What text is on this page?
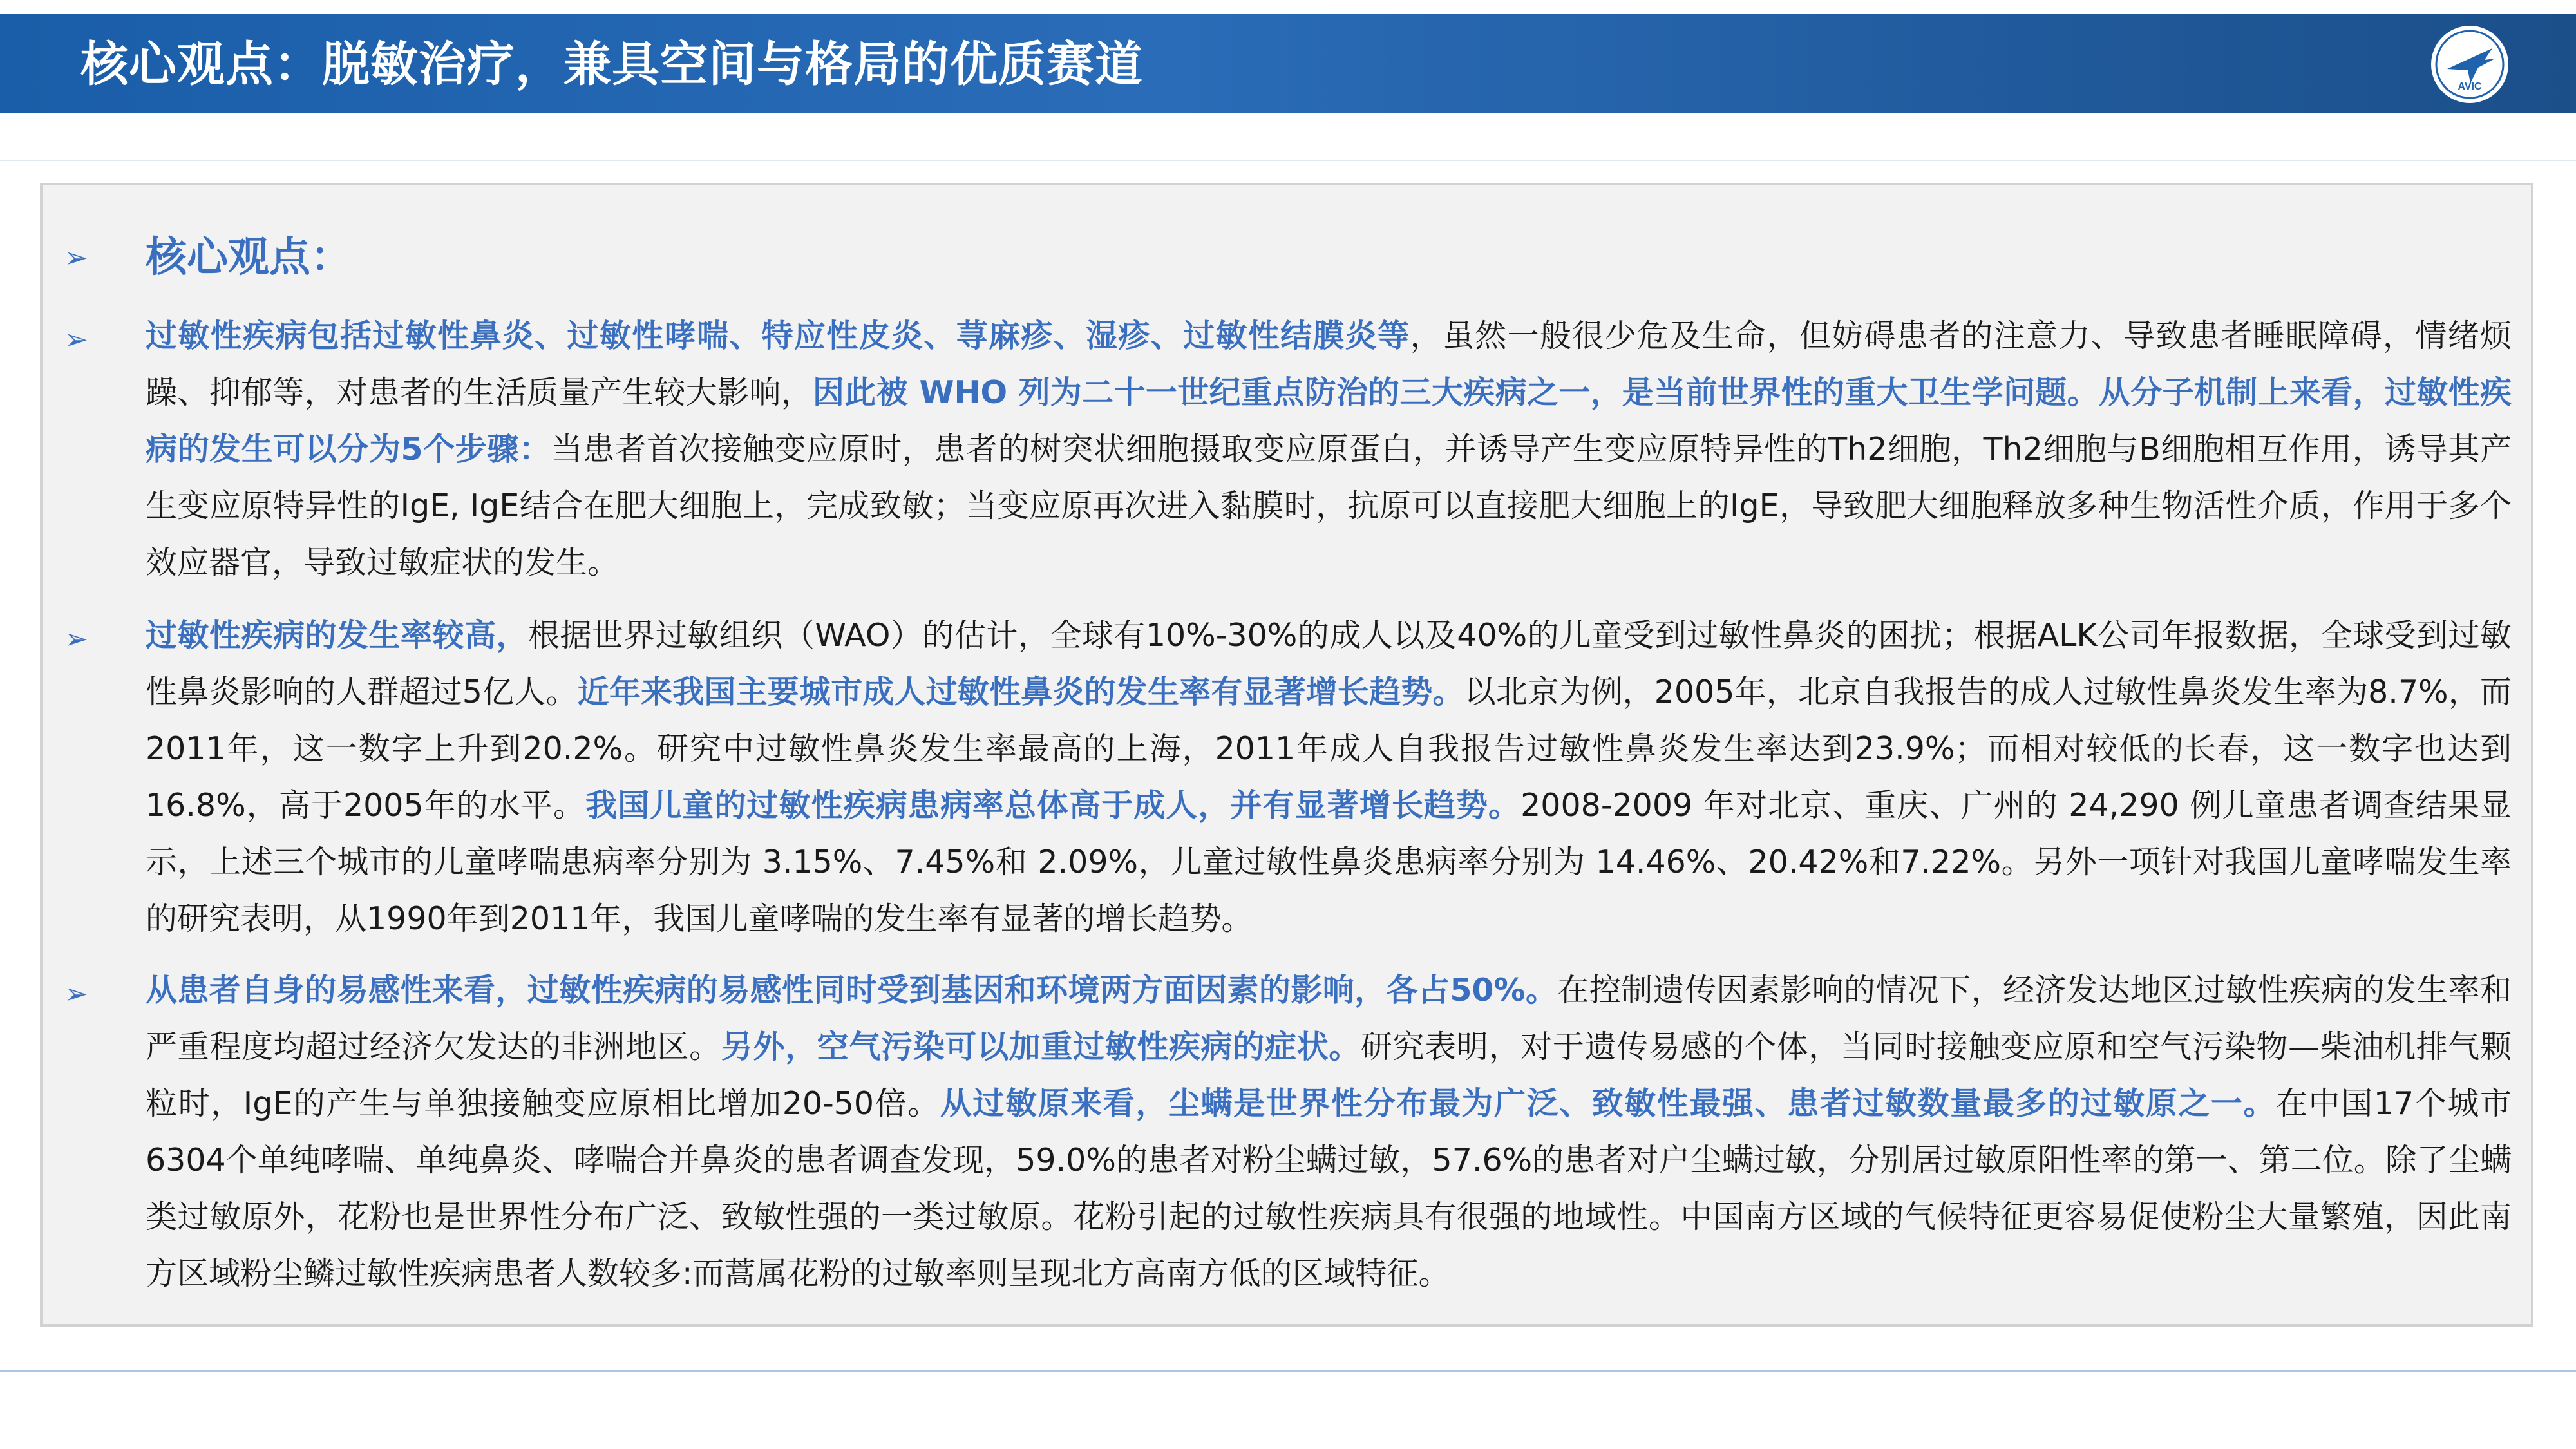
核心观点：脱敏治疗，兼具空间与格局的优质赛道	AVIC
➢	核心观点：
➢ 过敏性疾病包括过敏性鼻炎、过敏性哮喘、特应性皮炎、荨麻疹、湿疹、过敏性结膜炎等，虽然一般很少危及生命，但妨碍患者的注意力、导致患者睡眠障碍，情绪烦躁、抑郁等，对患者的生活质量产生较大影响，因此被 WHO 列为二十一世纪重点防治的三大疾病之一，是当前世界性的重大卫生学问题。从分子机制上来看，过敏性疾病的发生可以分为5个步骤：当患者首次接触变应原时，患者的树突状细胞摄取变应原蛋白，并诱导产生变应原特异性的Th2细胞，Th2细胞与B细胞相互作用，诱导其产生变应原特异性的IgE, IgE结合在肥大细胞上，完成致敏；当变应原再次进入黏膜时，抗原可以直接肥大细胞上的IgE，导致肥大细胞释放多种生物活性介质，作用于多个效应器官，导致过敏症状的发生。
➢ 过敏性疾病的发生率较高，根据世界过敏组织（WAO）的估计，全球有10%-30%的成人以及40%的儿童受到过敏性鼻炎的困扰；根据ALK公司年报数据，全球受到过敏性鼻炎影响的人群超过5亿人。近年来我国主要城市成人过敏性鼻炎的发生率有显著增长趋势。以北京为例，2005年，北京自我报告的成人过敏性鼻炎发生率为8.7%，而2011年，这一数字上升到20.2%。研究中过敏性鼻炎发生率最高的上海，2011年成人自我报告过敏性鼻炎发生率达到23.9%；而相对较低的长春，这一数字也达到16.8%，高于2005年的水平。我国儿童的过敏性疾病患病率总体高于成人，并有显著增长趋势。2008-2009 年对北京、重庆、广州的 24,290 例儿童患者调查结果显示，上述三个城市的儿童哮喘患病率分别为 3.15%、7.45%和 2.09%，儿童过敏性鼻炎患病率分别为 14.46%、20.42%和7.22%。另外一项针对我国儿童哮喘发生率的研究表明，从1990年到2011年，我国儿童哮喘的发生率有显著的增长趋势。
➢ 从患者自身的易感性来看，过敏性疾病的易感性同时受到基因和环境两方面因素的影响，各占50%。在控制遗传因素影响的情况下，经济发达地区过敏性疾病的发生率和严重程度均超过经济欠发达的非洲地区。另外，空气污染可以加重过敏性疾病的症状。研究表明，对于遗传易感的个体，当同时接触变应原和空气污染物—柴油机排气颗粒时，IgE的产生与单独接触变应原相比增加20-50倍。从过敏原来看，尘螨是世界性分布最为广泛、致敏性最强、患者过敏数量最多的过敏原之一。在中国17个城市6304个单纯哮喘、单纯鼻炎、哮喘合并鼻炎的患者调查发现，59.0%的患者对粉尘螨过敏，57.6%的患者对户尘螨过敏，分别居过敏原阳性率的第一、第二位。除了尘螨类过敏原外，花粉也是世界性分布广泛、致敏性强的一类过敏原。花粉引起的过敏性疾病具有很强的地域性。中国南方区域的气候特征更容易促使粉尘大量繁殖，因此南方区域粉尘鳞过敏性疾病患者人数较多:而蒿属花粉的过敏率则呈现北方高南方低的区域特征。
